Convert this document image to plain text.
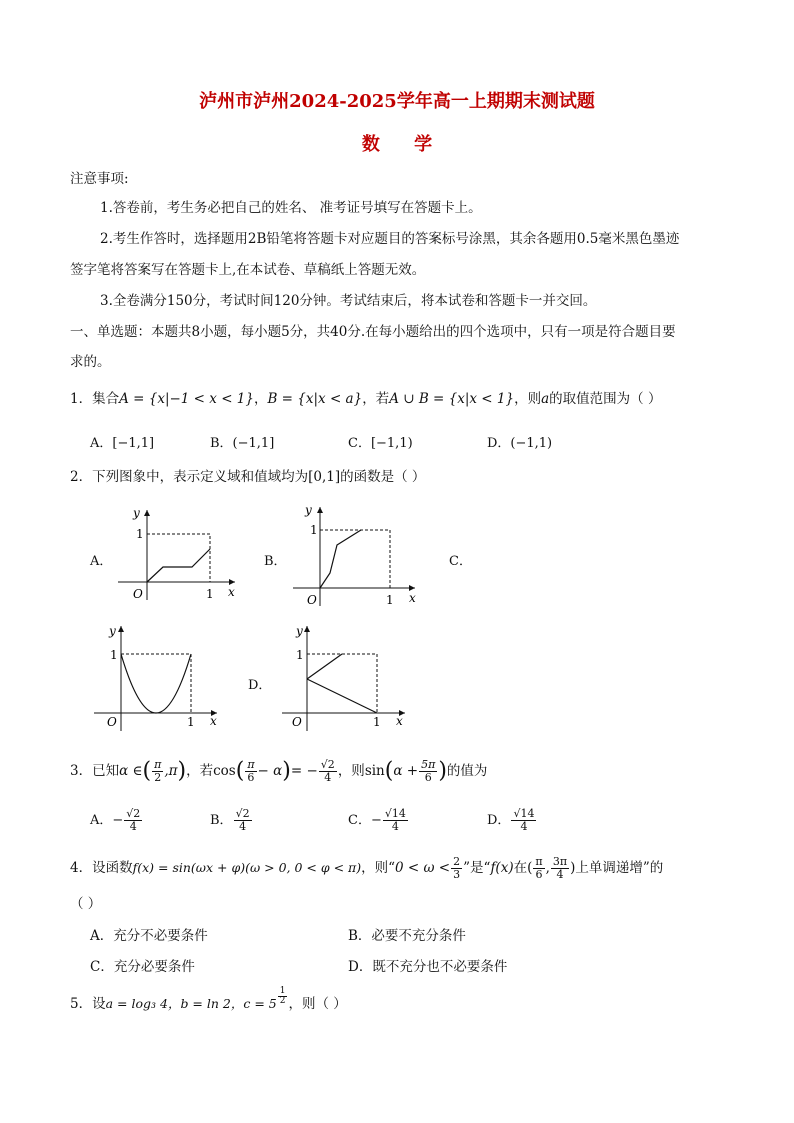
泸州市泸州2024-2025学年高一上期期末测试题
数 学
注意事项:
1.答卷前，考生务必把自己的姓名、 准考证号填写在答题卡上。
2.考生作答时，选择题用2B铅笔将答题卡对应题目的答案标号涂黑，其余各题用0.5毫米黑色墨迹
签字笔将答案写在答题卡上,在本试卷、草稿纸上答题无效。
3.全卷满分150分，考试时间120分钟。考试结束后，将本试卷和答题卡一并交回。
一、单选题：本题共8小题，每小题5分，共40分.在每小题给出的四个选项中，只有一项是符合题目要
求的。
1．集合A = {x|−1 < x < 1}，B = {x|x < a}，若A ∪ B = {x|x < 1}，则a的取值范围为（ ）
A．[−1,1]	B．(−1,1]	C．[−1,1)	D．(−1,1)
2．下列图象中，表示定义域和值域均为[0,1]的函数是（ ）
A．	B．	C．
D．
y
x
O
1
1
y
x
O
1
1
y
x
O
1
1
y
x
O
1
1
3．已知α ∈( $\frac{\pi}{2} ,\pi$)，若$\cos( \frac{\pi}{6} - \alpha)= - \frac{√2}{4}$ ，则$\sin(\alpha + \frac{5\pi}{6}$ )的值为
A．− $\frac{√2}{4}$	B． $\frac{√2}{4}$	C．− $\frac{√14}{4}$	D． $\frac{√14}{4}$
4．设函数f(x) = sin(ωx + φ)(ω > 0, 0 < φ < π)，则“$0 < \omega < \frac{2}{3}$ ”是“f(x)在( $\frac{\pi}{6}$ , $\frac{3\pi}{4}$ )上单调递增”的
（ ）
A．充分不必要条件	B．必要不充分条件
C．充分必要条件	D．既不充分也不必要条件
5．设a = log₃ 4，b = ln 2，$c = 5 \frac{1}{2}$ ，则（ ）
